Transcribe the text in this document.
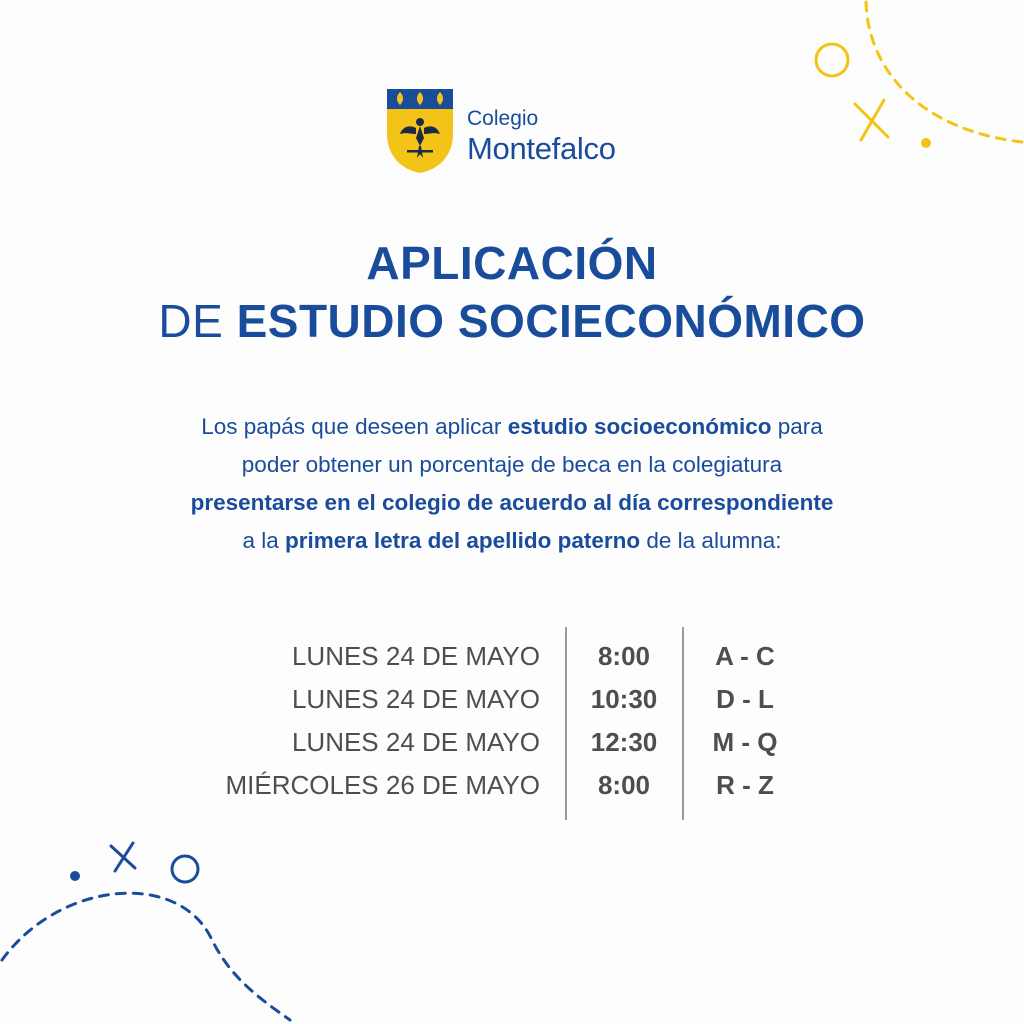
Colegio
Montefalco
APLICACIÓN
DE ESTUDIO SOCIECONÓMICO
Los papás que deseen aplicar estudio socioeconómico para
poder obtener un porcentaje de beca en la colegiatura
presentarse en el colegio de acuerdo al día correspondiente
a la primera letra del apellido paterno de la alumna:
LUNES 24 DE MAYO	8:00	A - C
LUNES 24 DE MAYO	10:30	D - L
LUNES 24 DE MAYO	12:30	M - Q
MIÉRCOLES 26 DE MAYO	8:00	R - Z
